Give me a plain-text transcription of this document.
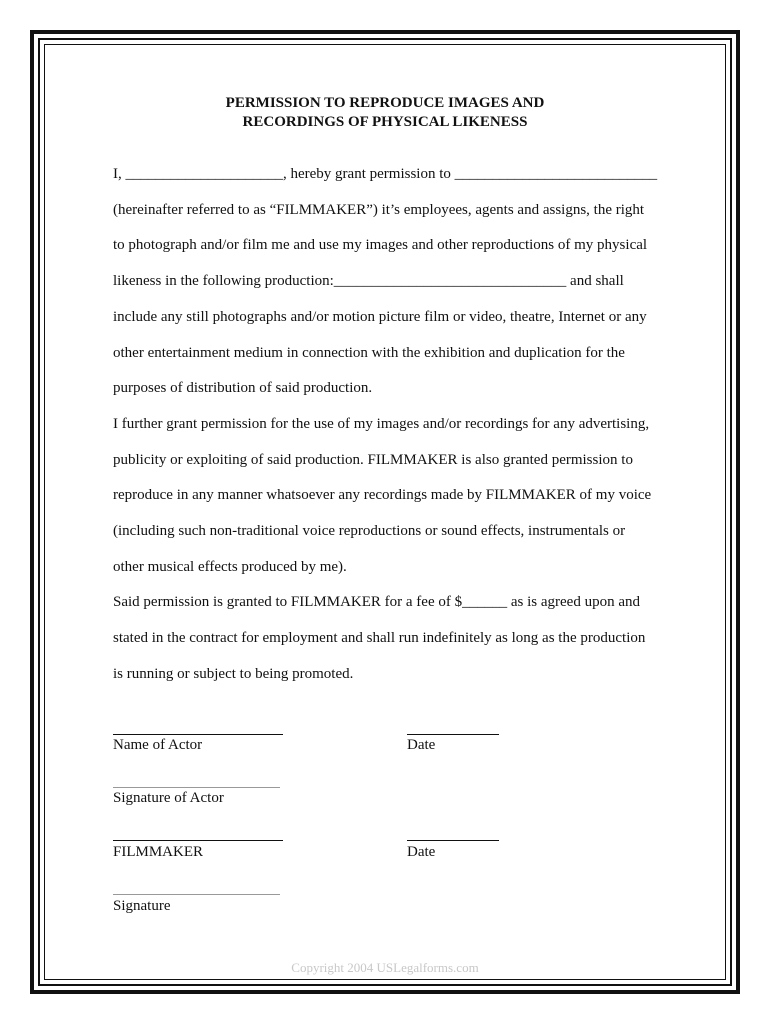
PERMISSION TO REPRODUCE IMAGES AND
RECORDINGS OF PHYSICAL LIKENESS
I, _____________________, hereby grant permission to ___________________________
(hereinafter referred to as “FILMMAKER”) it’s employees, agents and assigns, the right
to photograph and/or film me and use my images and other reproductions of my physical
likeness in the following production:_______________________________ and shall
include any still photographs and/or motion picture film or video, theatre, Internet or any
other entertainment medium in connection with the exhibition and duplication for the
purposes of distribution of said production.
I further grant permission for the use of my images and/or recordings for any advertising,
publicity or exploiting of said production. FILMMAKER is also granted permission to
reproduce in any manner whatsoever any recordings made by FILMMAKER of my voice
(including such non-traditional voice reproductions or sound effects, instrumentals or
other musical effects produced by me).
Said permission is granted to FILMMAKER for a fee of $______ as is agreed upon and
stated in the contract for employment and shall run indefinitely as long as the production
is running or subject to being promoted.
Name of Actor	Date
Signature of Actor
FILMMAKER	Date
Signature
Copyright 2004 USLegalforms.com
